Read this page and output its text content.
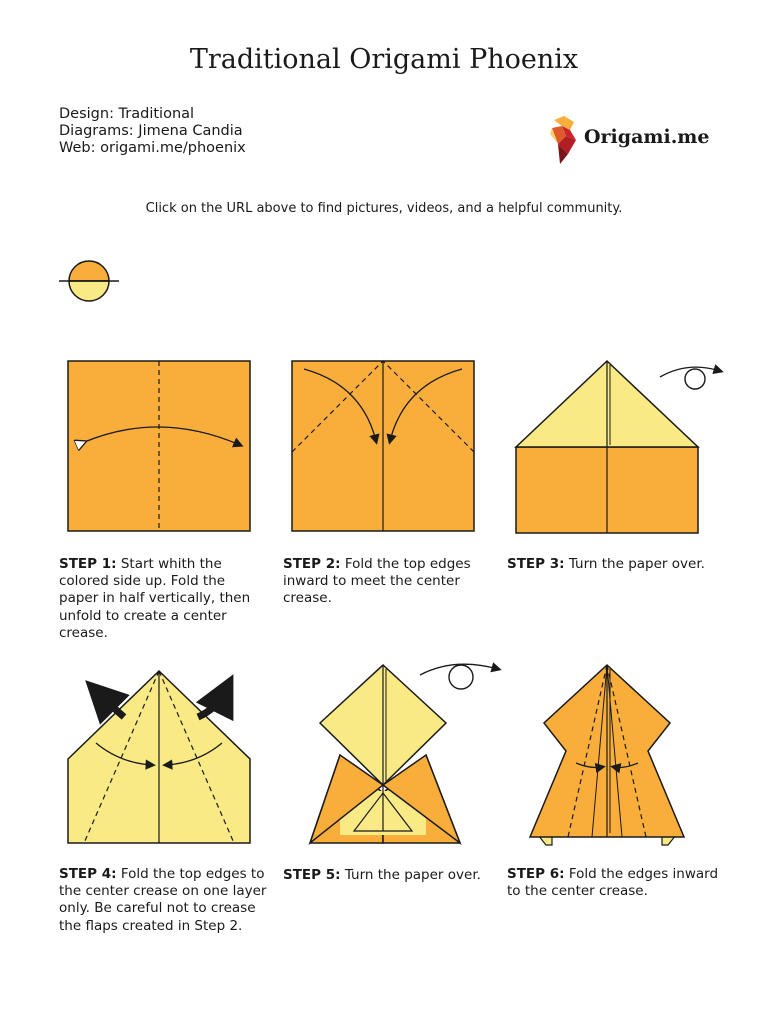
Traditional Origami Phoenix
Design: Traditional
Diagrams: Jimena Candia
Web: origami.me/phoenix	Origami.me
Click on the URL above to find pictures, videos, and a helpful community.
STEP 1: Start whith the colored side up. Fold the paper in half vertically, then unfold to create a center crease.
STEP 2: Fold the top edges inward to meet the center crease.
STEP 3: Turn the paper over.
STEP 4: Fold the top edges to the center crease on one layer only. Be careful not to crease the flaps created in Step 2.
STEP 5: Turn the paper over.	STEP 6: Fold the edges inward to the center crease.
